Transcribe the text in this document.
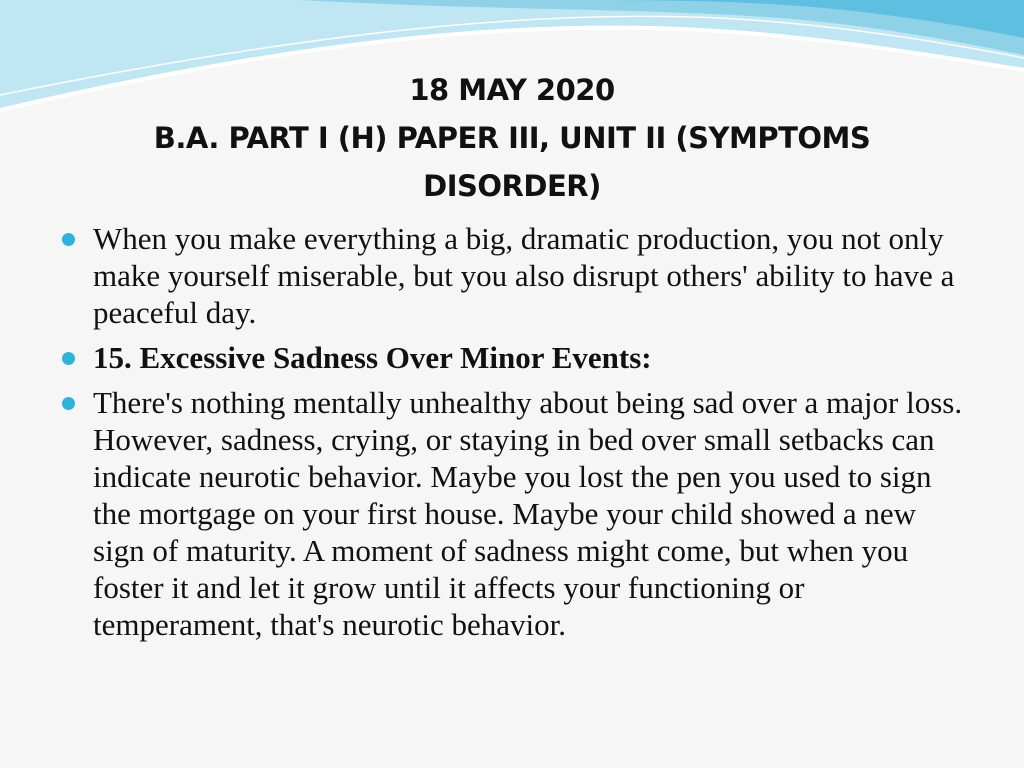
18 MAY 2020
B.A. PART I (H) PAPER III, UNIT II (SYMPTOMS
DISORDER)
When you make everything a big, dramatic production, you not only make yourself miserable, but you also disrupt others' ability to have a peaceful day.
15. Excessive Sadness Over Minor Events:
There's nothing mentally unhealthy about being sad over a major loss. However, sadness, crying, or staying in bed over small setbacks can indicate neurotic behavior. Maybe you lost the pen you used to sign the mortgage on your first house. Maybe your child showed a new sign of maturity. A moment of sadness might come, but when you foster it and let it grow until it affects your functioning or temperament, that's neurotic behavior.
